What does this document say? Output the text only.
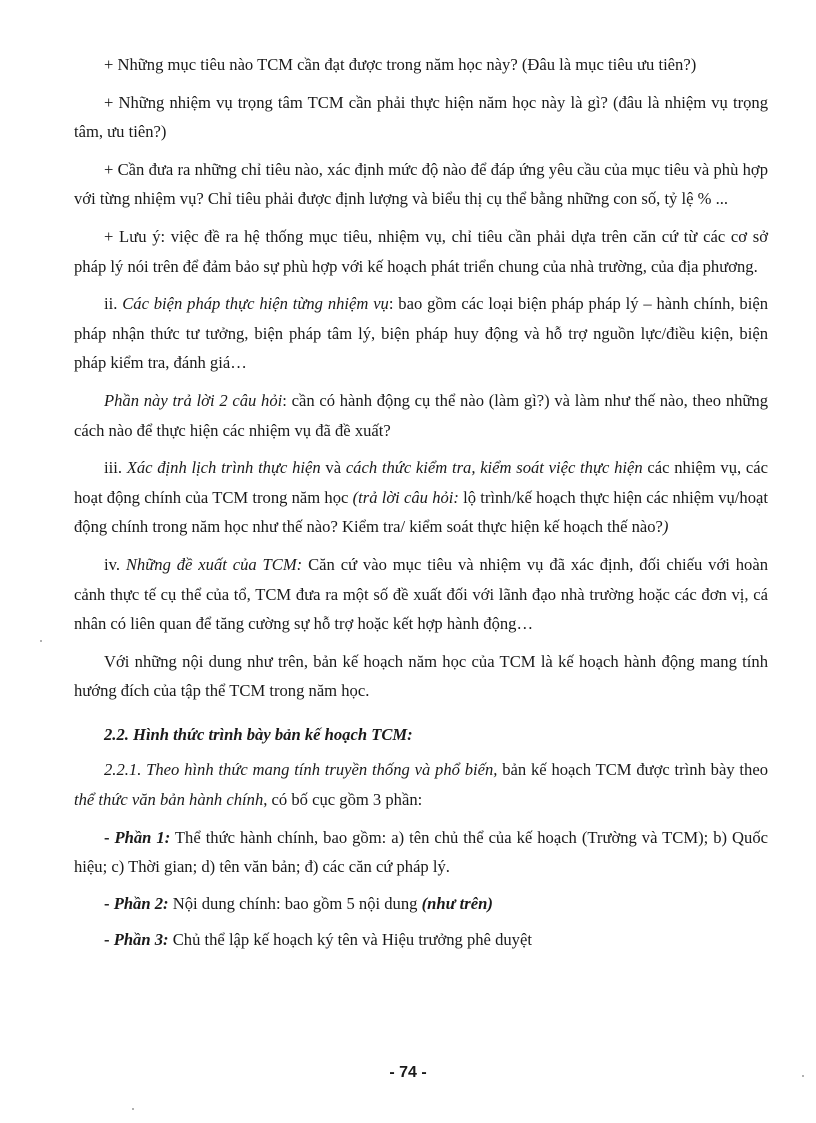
+ Những mục tiêu nào TCM cần đạt được trong năm học này? (Đâu là mục tiêu ưu tiên?)

+ Những nhiệm vụ trọng tâm TCM cần phải thực hiện năm học này là gì? (đâu là nhiệm vụ trọng tâm, ưu tiên?)

+ Cần đưa ra những chỉ tiêu nào, xác định mức độ nào để đáp ứng yêu cầu của mục tiêu và phù hợp với từng nhiệm vụ? Chỉ tiêu phải được định lượng và biểu thị cụ thể bằng những con số, tỷ lệ % ...

+ Lưu ý: việc đề ra hệ thống mục tiêu, nhiệm vụ, chỉ tiêu cần phải dựa trên căn cứ từ các cơ sở pháp lý nói trên để đảm bảo sự phù hợp với kế hoạch phát triển chung của nhà trường, của địa phương.

ii. Các biện pháp thực hiện từng nhiệm vụ: bao gồm các loại biện pháp pháp lý – hành chính, biện pháp nhận thức tư tưởng, biện pháp tâm lý, biện pháp huy động và hỗ trợ nguồn lực/điều kiện, biện pháp kiểm tra, đánh giá…

Phần này trả lời 2 câu hỏi: cần có hành động cụ thể nào (làm gì?) và làm như thế nào, theo những cách nào để thực hiện các nhiệm vụ đã đề xuất?

iii. Xác định lịch trình thực hiện và cách thức kiểm tra, kiểm soát việc thực hiện các nhiệm vụ, các hoạt động chính của TCM trong năm học (trả lời câu hỏi: lộ trình/kế hoạch thực hiện các nhiệm vụ/hoạt động chính trong năm học như thế nào? Kiểm tra/ kiểm soát thực hiện kế hoạch thế nào?)

iv. Những đề xuất của TCM: Căn cứ vào mục tiêu và nhiệm vụ đã xác định, đối chiếu với hoàn cảnh thực tế cụ thể của tổ, TCM đưa ra một số đề xuất đối với lãnh đạo nhà trường hoặc các đơn vị, cá nhân có liên quan để tăng cường sự hỗ trợ hoặc kết hợp hành động…

Với những nội dung như trên, bản kế hoạch năm học của TCM là kế hoạch hành động mang tính hướng đích của tập thể TCM trong năm học.

2.2. Hình thức trình bày bản kế hoạch TCM:

2.2.1. Theo hình thức mang tính truyền thống và phổ biến, bản kế hoạch TCM được trình bày theo thể thức văn bản hành chính, có bố cục gồm 3 phần:

- Phần 1: Thể thức hành chính, bao gồm: a) tên chủ thể của kế hoạch (Trường và TCM); b) Quốc hiệu; c) Thời gian; d) tên văn bản; đ) các căn cứ pháp lý.

- Phần 2: Nội dung chính: bao gồm 5 nội dung (như trên)

- Phần 3: Chủ thể lập kế hoạch ký tên và Hiệu trưởng phê duyệt

- 74 -
